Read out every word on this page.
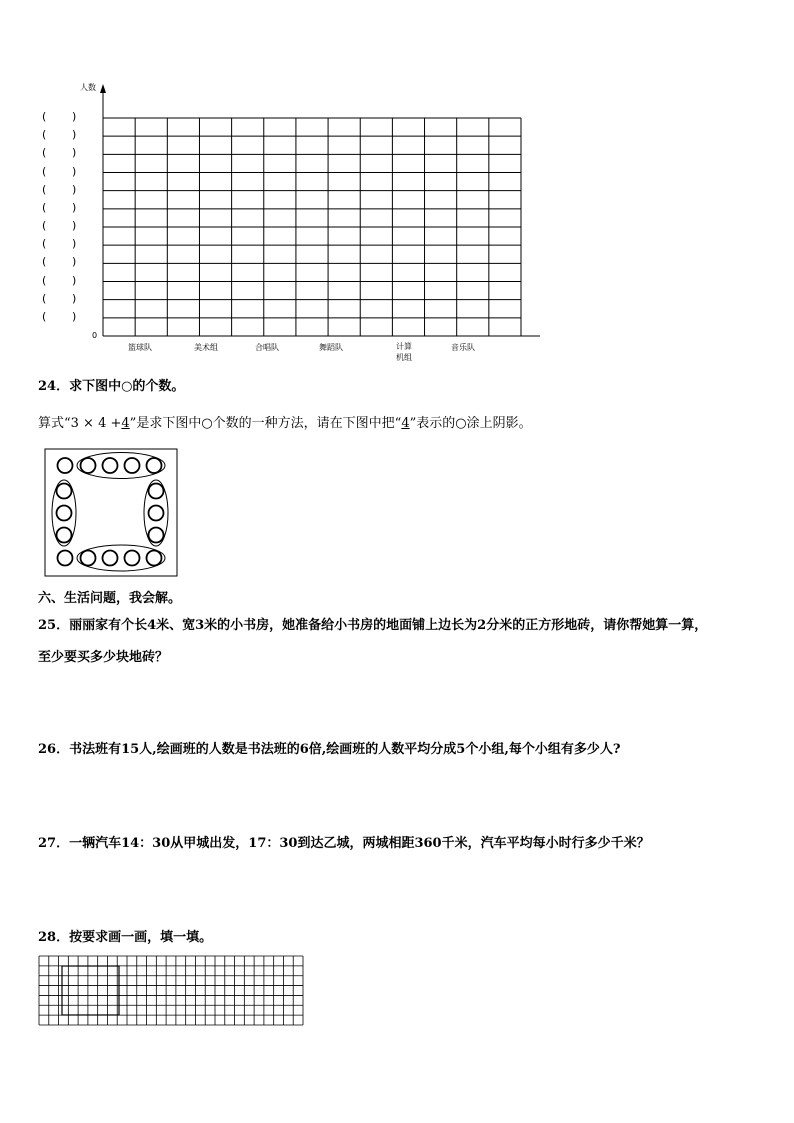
人数
0
( )
( )
( )
( )
( )
( )
( )
( )
( )
( )
( )
( )
篮球队	美术组	合唱队	舞蹈队	计算
机组
音乐队
24．求下图中○的个数。
算式“3 × 4 +4”是求下图中○个数的一种方法，请在下图中把“4”表示的○涂上阴影。
六、生活问题，我会解。
25．丽丽家有个长4米、宽3米的小书房，她准备给小书房的地面铺上边长为2分米的正方形地砖，请你帮她算一算，
至少要买多少块地砖？
26．书法班有15人,绘画班的人数是书法班的6倍,绘画班的人数平均分成5个小组,每个小组有多少人?
27．一辆汽车14：30从甲城出发，17：30到达乙城，两城相距360千米，汽车平均每小时行多少千米？
28．按要求画一画，填一填。
